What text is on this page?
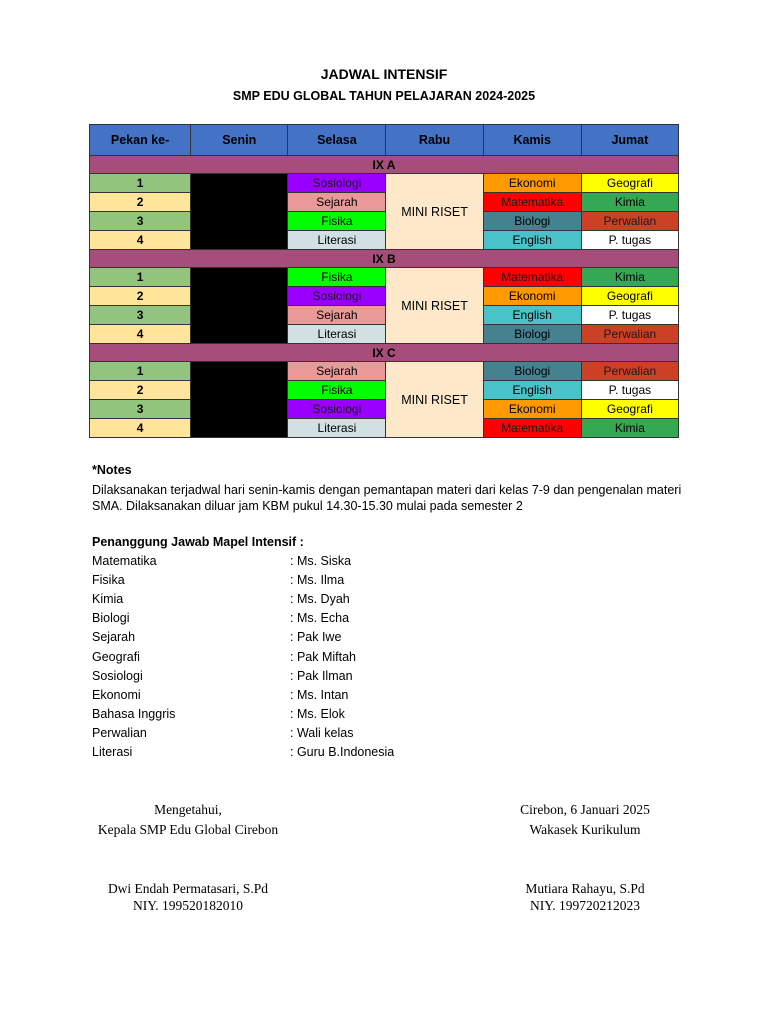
JADWAL INTENSIF
SMP EDU GLOBAL TAHUN PELAJARAN 2024-2025
Pekan ke-	Senin	Selasa	Rabu	Kamis	Jumat
IX A					
1		Sosiologi	MINI RISET	Ekonomi	Geografi
2		Sejarah		Matematika	Kimia
3		Fisika		Biologi	Perwalian
4		Literasi		English	P. tugas
IX B					
1		Fisika	MINI RISET	Matematika	Kimia
2		Sosiologi		Ekonomi	Geografi
3		Sejarah		English	P. tugas
4		Literasi		Biologi	Perwalian
IX C					
1		Sejarah	MINI RISET	Biologi	Perwalian
2		Fisika		English	P. tugas
3		Sosiologi		Ekonomi	Geografi
4		Literasi		Matematika	Kimia
*Notes
Dilaksanakan terjadwal hari senin-kamis dengan pemantapan materi dari kelas 7-9 dan pengenalan materi SMA. Dilaksanakan diluar jam KBM pukul 14.30-15.30 mulai pada semester 2
Penanggung Jawab Mapel Intensif :
Matematika	: Ms. Siska
Fisika	: Ms. Ilma
Kimia	: Ms. Dyah
Biologi	: Ms. Echa
Sejarah	: Pak Iwe
Geografi	: Pak Miftah
Sosiologi	: Pak Ilman
Ekonomi	: Ms. Intan
Bahasa Inggris	: Ms. Elok
Perwalian	: Wali kelas
Literasi	: Guru B.Indonesia
Mengetahui,
Kepala SMP Edu Global Cirebon
Dwi Endah Permatasari, S.Pd
NIY. 199520182010
Cirebon, 6 Januari 2025
Wakasek Kurikulum
Mutiara Rahayu, S.Pd
NIY. 199720212023
